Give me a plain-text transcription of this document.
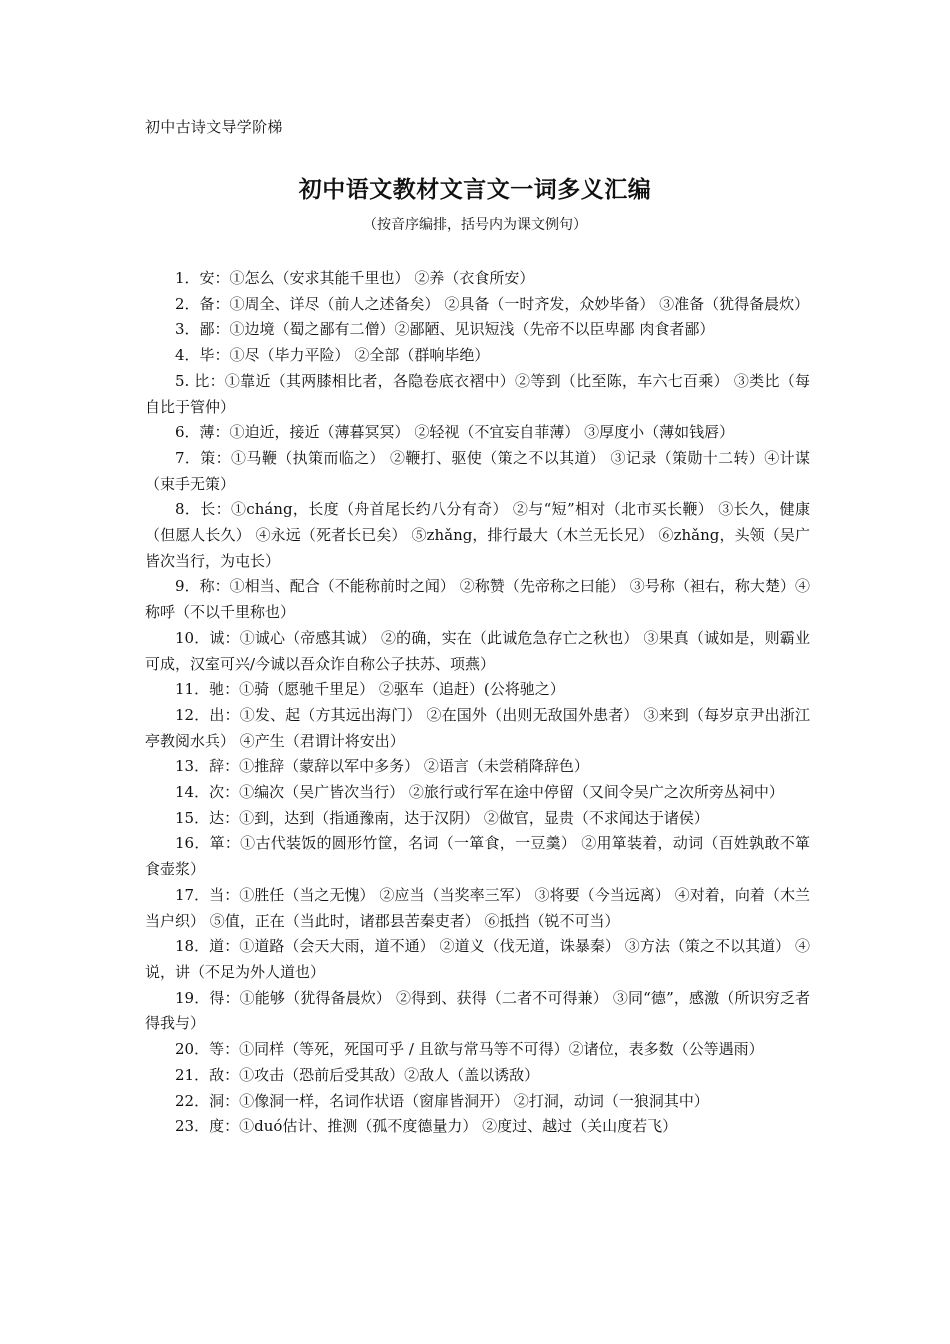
初中古诗文导学阶梯
初中语文教材文言文一词多义汇编
（按音序编排，括号内为课文例句）

1．安：①怎么（安求其能千里也） ②养（衣食所安）

2．备：①周全、详尽（前人之述备矣） ②具备（一时齐发，众妙毕备） ③准备（犹得备晨炊）

3．鄙：①边境（蜀之鄙有二僧）②鄙陋、见识短浅（先帝不以臣卑鄙 肉食者鄙）

4．毕：①尽（毕力平险） ②全部（群响毕绝）

5. 比：①靠近（其两膝相比者，各隐卷底衣褶中）②等到（比至陈，车六七百乘） ③类比（每自比于管仲）

6．薄：①迫近，接近（薄暮冥冥） ②轻视（不宜妄自菲薄） ③厚度小（薄如钱唇）

7．策：①马鞭（执策而临之） ②鞭打、驱使（策之不以其道） ③记录（策勋十二转）④计谋（束手无策）

8．长：①cháng，长度（舟首尾长约八分有奇） ②与“短”相对（北市买长鞭） ③长久，健康（但愿人长久） ④永远（死者长已矣） ⑤zhǎng，排行最大（木兰无长兄） ⑥zhǎng，头领（吴广皆次当行，为屯长）

9．称：①相当、配合（不能称前时之闻） ②称赞（先帝称之曰能） ③号称（袒右，称大楚）④称呼（不以千里称也）

10．诚：①诚心（帝感其诚） ②的确，实在（此诚危急存亡之秋也） ③果真（诚如是，则霸业可成，汉室可兴/今诚以吾众诈自称公子扶苏、项燕）

11．驰：①骑（愿驰千里足） ②驱车（追赶）(公将驰之）

12．出：①发、起（方其远出海门） ②在国外（出则无敌国外患者） ③来到（每岁京尹出浙江亭教阅水兵） ④产生（君谓计将安出）

13．辞：①推辞（蒙辞以军中多务） ②语言（未尝稍降辞色）

14．次：①编次（吴广皆次当行） ②旅行或行军在途中停留（又间令吴广之次所旁丛祠中）

15．达：①到，达到（指通豫南，达于汉阴） ②做官，显贵（不求闻达于诸侯）

16．箪：①古代装饭的圆形竹筐，名词（一箪食，一豆羹） ②用箪装着，动词（百姓孰敢不箪食壶浆）

17．当：①胜任（当之无愧） ②应当（当奖率三军） ③将要（今当远离） ④对着，向着（木兰当户织） ⑤值，正在（当此时，诸郡县苦秦吏者） ⑥抵挡（锐不可当）

18．道：①道路（会天大雨，道不通） ②道义（伐无道，诛暴秦） ③方法（策之不以其道） ④说，讲（不足为外人道也）

19．得：①能够（犹得备晨炊） ②得到、获得（二者不可得兼） ③同“德”，感激（所识穷乏者得我与）

20．等：①同样（等死，死国可乎 / 且欲与常马等不可得）②诸位，表多数（公等遇雨）

21．敌：①攻击（恐前后受其敌）②敌人（盖以诱敌）

22．洞：①像洞一样，名词作状语（窗扉皆洞开） ②打洞，动词（一狼洞其中）

23．度：①duó估计、推测（孤不度德量力） ②度过、越过（关山度若飞）
